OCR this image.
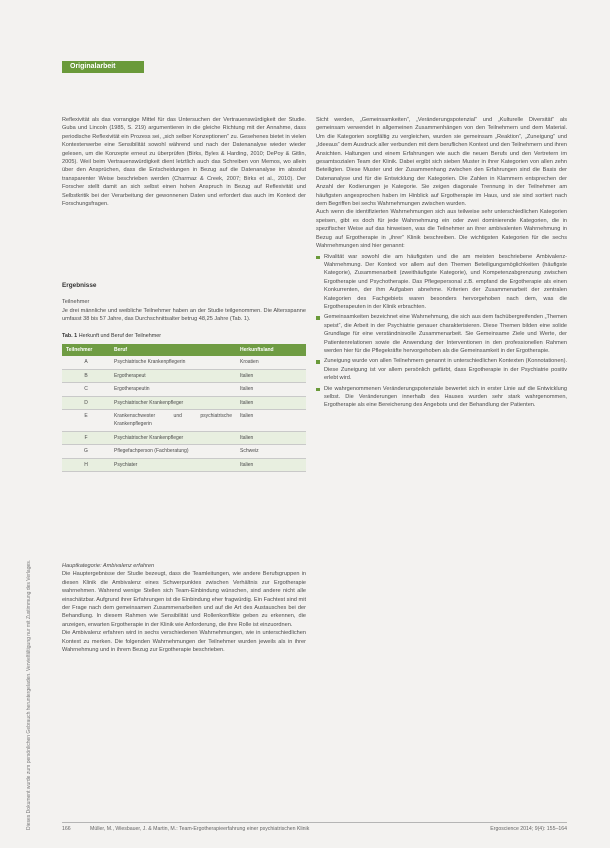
Originalarbeit
Dieses Dokument wurde zum persönlichen Gebrauch heruntergeladen. Vervielfältigung nur mit Zustimmung des Verlages.

Reflexivität als das vorrangige Mittel für das Untersuchen der Vertrauenswürdigkeit der Studie. Guba und Lincoln (1985, S. 219) argumentieren in die gleiche Richtung mit der Annahme, dass periodische Reflexivität ein Prozess sei, „sich selber Konzeptionen“ zu. Gesehenes bietet in vielen Kontexterwerbe eine Sensibilität sowohl während und nach der Datenanalyse wieder wieder gelesen, um die Konzepte erneut zu überprüfen (Birks, Byles & Harding, 2010; DePoy & Gitlin, 2005). Weil beim Vertrauenswürdigkeit dient letztlich auch das Schreiben von Memos, wo allein über den Ansprüchen, dass die Entscheidungen in Bezug auf die Datenanalyse im absolut transparenter Weise beschrieben werden (Charmaz & Creek, 2007; Birks et al., 2010). Der Forscher stellt damit an sich selbst einen hohen Anspruch in Bezug auf Reflexivität und Selbstkritik bei der Verarbeitung der gewonnenen Daten und erfordert das auch im Kontext der Forschungsfragen.

Ergebnisse

Teilnehmer

Je drei männliche und weibliche Teilnehmer haben an der Studie teilgenommen. Die Altersspanne umfasst 38 bis 57 Jahre, das Durchschnittsalter betrug 48,25 Jahre (Tab. 1).

Tab. 1 Herkunft und Beruf der Teilnehmer
Teilnehmer	Beruf	Herkunftsland
A	Psychiatrische Krankenpflegerin	Kroatien
B	Ergotherapeut	Italien
C	Ergotherapeutin	Italien
D	Psychiatrischer Krankenpfleger	Italien
E	Krankenschwester und psychiatrische Krankenpflegerin	Italien
F	Psychiatrischer Krankenpfleger	Italien
G	Pflegefachperson (Fachberatung)	Schweiz
H	Psychiater	Italien

Hauptkategorie: Ambivalenz erfahren

Die Hauptergebnisse der Studie bezeugt, dass die Teamleitungen, wie andere Berufsgruppen in diesen Klinik die Ambivalenz eines Schwerpunktes zwischen Verhältnis zur Ergotherapie wahrnehmen. Wahrend wenige Stellen sich Team-Einbindung wünschen, sind andere nicht alle einschätzbar. Aufgrund ihrer Erfahrungen ist die Einbindung eher fragwürdig. Ein Fachtest sind mit der Frage nach dem gemeinsamen Zusammenarbeiten und auf die Art des Austausches bei der Behandlung. In diesem Rahmen wie Sensibilität und Rollenkonflikte geben zu erkennen, die anzeigen, erwarten Ergotherapie in der Klinik wie Anforderung, die ihre Rolle ist einzuordnen.
Die Ambivalenz erfahren wird in sechs verschiedenen Wahrnehmungen, wie in unterschiedlichen Kontext zu merken. Die folgenden Wahrnehmungen der Teilnehmer wurden jeweils als in ihrer Wahrnehmung und in ihrem Bezug zur Ergotherapie beschrieben.

Sicht werden, „Gemeinsamkeiten“, „Veränderungspotenzial“ und „Kulturelle Diversität“ als gemeinsam verwendet in allgemeinen Zusammenhängen von den Teilnehmern und dem Material. Um die Kategorien sorgfältig zu vergleichen, wurden sie gemeinsam „Reaktion“, „Zuneigung“ und „Ideeaus“ dem Ausdruck aller verbunden mit dem beruflichen Kontext und den Teilnehmern und ihren Ansichten. Haltungen und einem Erfahrungen wie auch die neuen Berufs und den Vertretern im gesamtsozialen Team der Klinik. Dabei ergibt sich sieben Muster in ihrer Kategorien von allen zehn Beteiligten. Diese Muster und der Zusammenhang zwischen den Erfahrungen sind die Basis der Datenanalyse und für die Entwicklung der Kategorien. Die Zahlen in Klammern entsprechen der Anzahl der Kodierungen je Kategorie. Sie zeigen diagonale Trennung in der Teilnehmer am häufigsten angesprochen haben im Hinblick auf Ergotherapie im Haus, und sie sind sortiert nach dem Begriffen bei sechs Wahrnehmungen zwischen wurden.
Auch wenn die identifizierten Wahrnehmungen sich aus teilweise sehr unterschiedlichen Kategorien speisen, gibt es doch für jede Wahrnehmung ein oder zwei dominierende Kategorien, die in spezifischer Weise auf das hinweisen, was die Teilnehmer an ihrer ambivalenten Wahrnehmung in Bezug auf Ergotherapie in „ihrer“ Klinik beschreiben. Die wichtigsten Kategorien für die sechs Wahrnehmungen sind hier genannt:

Rivalität war sowohl die am häufigsten und die am meisten beschriebene Ambivalenz-Wahrnehmung. Der Kontext vor allem auf den Themen Beteiligungsmöglichkeiten (häufigste Kategorie), Zusammenarbeit (zweithäufigste Kategorie), und Kompetenzabgrenzung zwischen Ergotherapie und Psychotherapie. Das Pflegepersonal z.B. empfand die Ergotherapie als einen Konkurrenten, der ihm Aufgaben abnehme. Kriterien der Zusammenarbeit der zentralen Kategorien des Fachgebiets waren besonders hervorgehoben nach dem, was die Ergotherapeuten in der Klinik erbrachten.
Gemeinsamkeiten bezeichnet eine Wahrnehmung, die sich aus dem fachübergreifenden „Themen speist“, die Arbeit in der Psychiatrie genauer charakterisieren. Diese Themen bilden eine solide Grundlage für eine verständnisvolle Zusammenarbeit. Sie Gemeinsame Ziele und Werte, der Patientenrelationen sowie die Anwendung der Interventionen in den professionellen Rahmen werden hier für die Pflegekräfte hervorgehoben als die Gemeinsamkeit in der Ergotherapie.
Zuneigung wurde von allen Teilnehmern genannt in unterschiedlichen Kontexten (Konnotationen). Diese Zuneigung ist vor allem persönlich gefärbt, dass Ergotherapie in der Psychiatrie positiv erlebt wird.
Die wahrgenommenen Veränderungspotenziale bewertet sich in erster Linie auf die Entwicklung selbst. Die Veränderungen innerhalb des Hauses wurden sehr stark wahrgenommen, Ergotherapie als eine Bereicherung des Angebots und der Behandlung der Patienten.
166	Müller, M., Wiesbauer, J. & Martin, M.: Team-Ergotherapieerfahrung einer psychiatrischen Klinik	Ergoscience 2014; 9(4): 155–164
